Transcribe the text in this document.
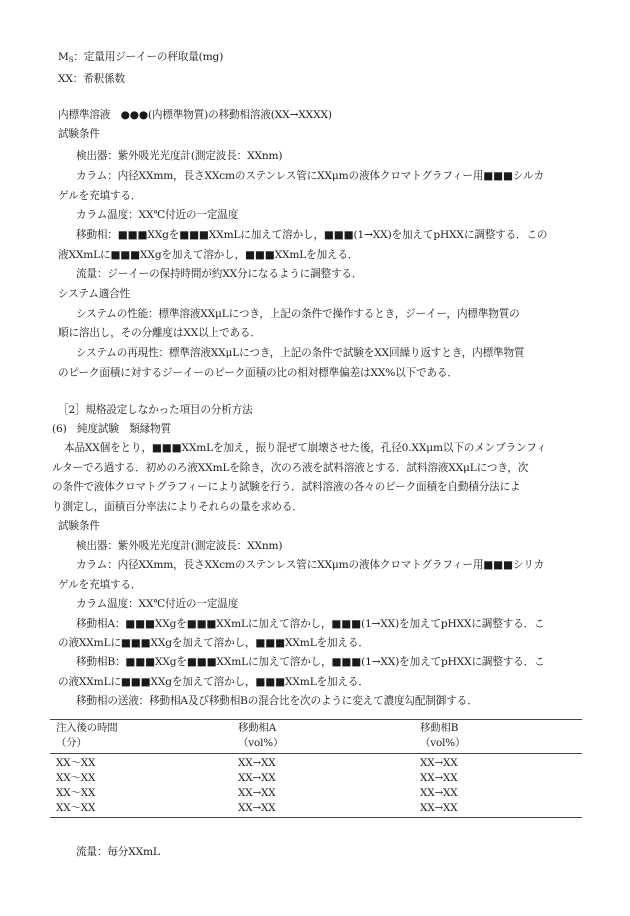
$M_S$：定量用ジーイーの秤取量(mg)
XX：希釈係数
内標準溶液　●●●(内標準物質)の移動相溶液(XX→XXXX)
試験条件
検出器：紫外吸光光度計(測定波長：XXnm)
カラム：内径XXmm，長さXXcmのステンレス管にXXμmの液体クロマトグラフィー用■■■シルカ
ゲルを充填する．
カラム温度：XX℃付近の一定温度
移動相：■■■XXgを■■■XXmLに加えて溶かし，■■■(1→XX)を加えてpHXXに調整する．この
液XXmLに■■■XXgを加えて溶かし，■■■XXmLを加える．
流量：ジーイーの保持時間が約XX分になるように調整する．
システム適合性
システムの性能：標準溶液XXμLにつき，上記の条件で操作するとき，ジーイー，内標準物質の
順に溶出し，その分離度はXX以上である．
システムの再現性：標準溶液XXμLにつき，上記の条件で試験をXX回繰り返すとき，内標準物質
のピーク面積に対するジーイーのピーク面積の比の相対標準偏差はXX%以下である．
［2］規格設定しなかった項目の分析方法
(6)　純度試験　類縁物質
本品XX個をとり，■■■XXmLを加え，振り混ぜて崩壊させた後，孔径0.XXμm以下のメンブランフィ
ルターでろ過する．初めのろ液XXmLを除き，次のろ液を試料溶液とする．試料溶液XXμLにつき，次
の条件で液体クロマトグラフィーにより試験を行う．試料溶液の各々のピーク面積を自動積分法によ
り測定し，面積百分率法によりそれらの量を求める．
試験条件
検出器：紫外吸光光度計(測定波長：XXnm)
カラム：内径XXmm，長さXXcmのステンレス管にXXμmの液体クロマトグラフィー用■■■シリカ
ゲルを充填する．
カラム温度：XX℃付近の一定温度
移動相A：■■■XXgを■■■XXmLに加えて溶かし，■■■(1→XX)を加えてpHXXに調整する．こ
の液XXmLに■■■XXgを加えて溶かし，■■■XXmLを加える．
移動相B：■■■XXgを■■■XXmLに加えて溶かし，■■■(1→XX)を加えてpHXXに調整する．こ
の液XXmLに■■■XXgを加えて溶かし，■■■XXmLを加える．
移動相の送液：移動相A及び移動相Bの混合比を次のように変えて濃度勾配制御する．
注入後の時間	移動相A	移動相B
（分）	（vol%）	（vol%）
XX～XX	XX→XX	XX→XX
XX～XX	XX→XX	XX→XX
XX～XX	XX→XX	XX→XX
XX～XX	XX→XX	XX→XX
流量：毎分XXmL
